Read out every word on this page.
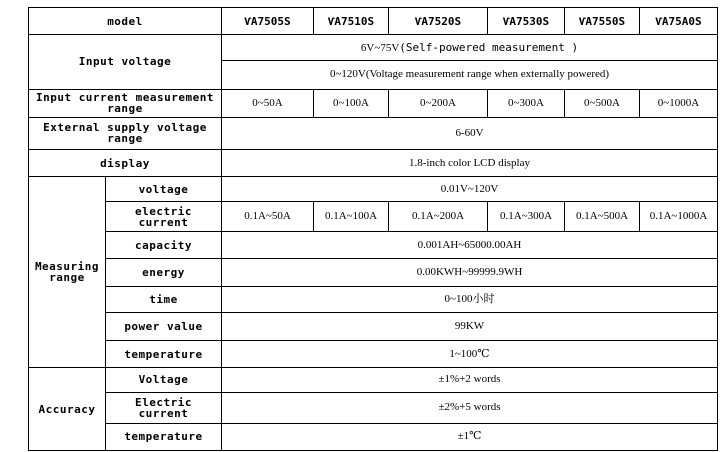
model		ѴA7505S	ѴA7510S	ѴA7520S	ѴA7530S	ѴA7550S	ѴA75A0S
Input voltage		6V~75V(Self-powered measurement )					
		0~120V(Voltage measurement range when externally powered)					
Input current measurement range		0~50A	0~100A	0~200A	0~300A	0~500A	0~1000A
External supply voltage range		6-60V					
display		1.8-inch color LCD display					
Measuring range	voltage	0.01V~120V					
	electric current	0.1A~50A	0.1A~100A	0.1A~200A	0.1A~300A	0.1A~500A	0.1A~1000A
	capacity	0.001AH~65000.00AH					
	energy	0.00KWH~99999.9WH					
	time	0~100小时					
	power value	99KW					
	temperature	1~100℃					
Accuracy	Voltage	±1%+2 words					
	Electric current	±2%+5 words					
	temperature	±1℃					
